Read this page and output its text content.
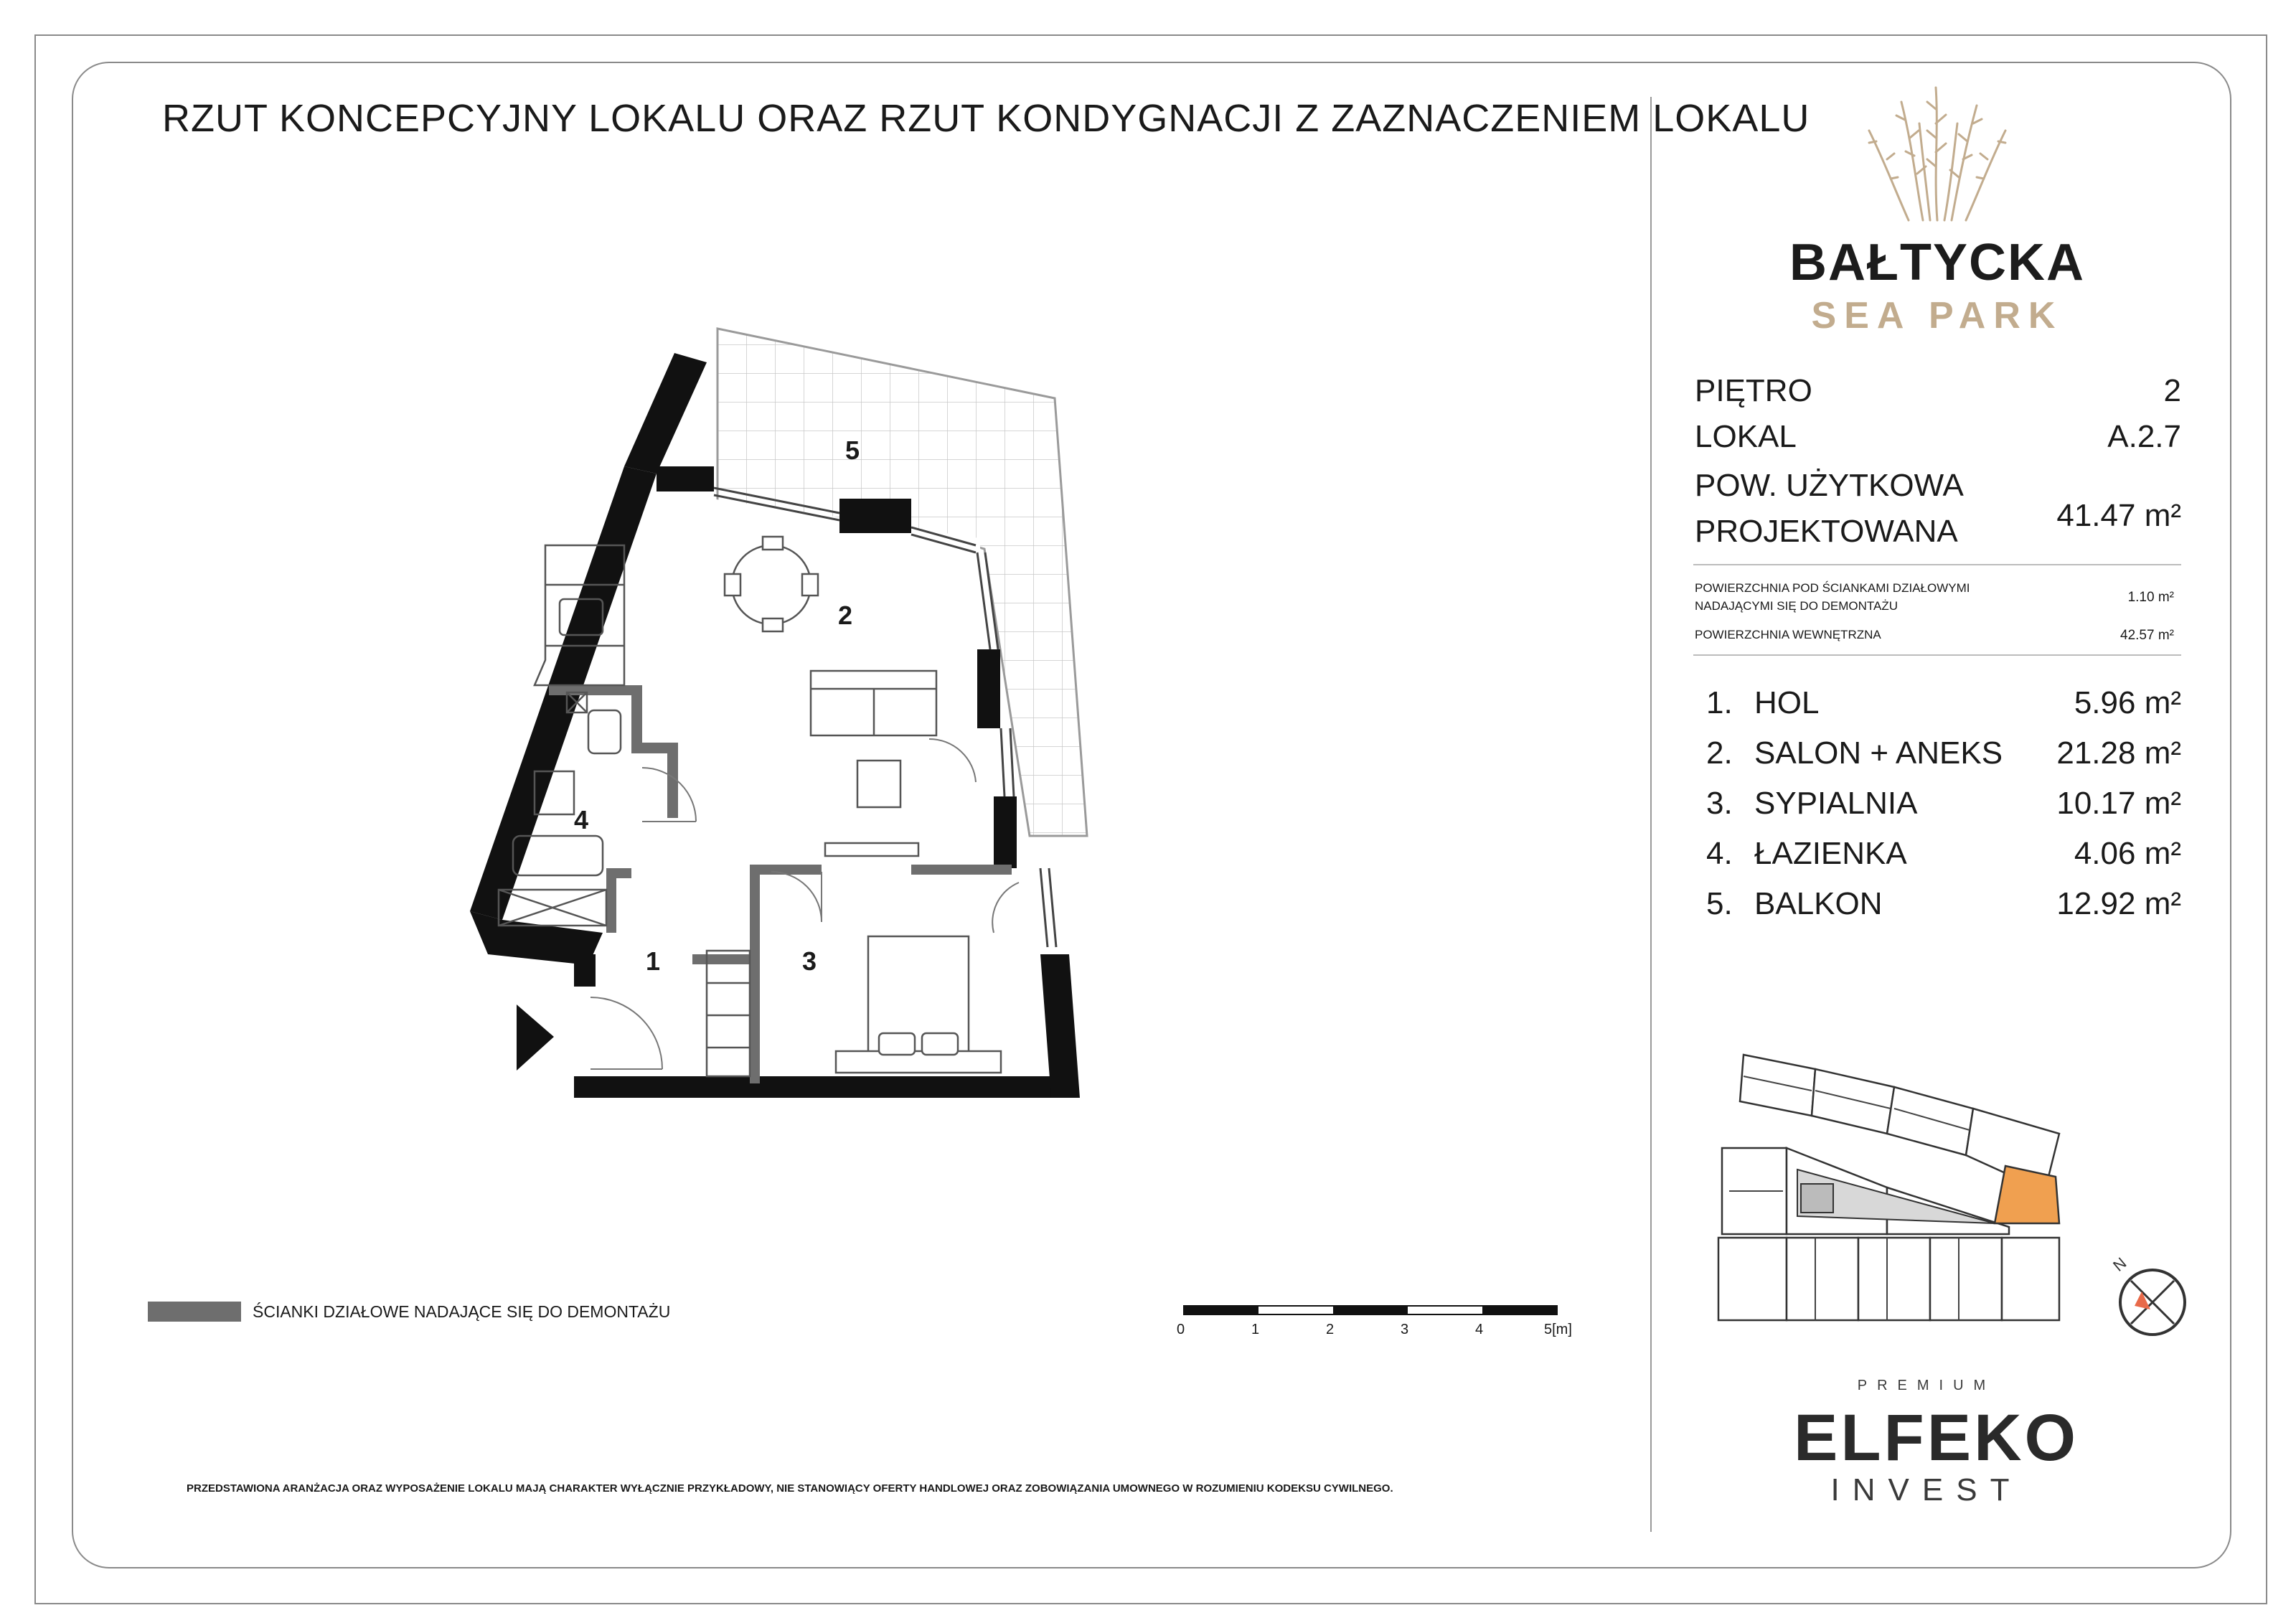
RZUT KONCEPCYJNY LOKALU ORAZ RZUT KONDYGNACJI Z ZAZNACZENIEM LOKALU
1
2
3
4
5
ŚCIANKI DZIAŁOWE NADAJĄCE SIĘ DO DEMONTAŻU
0	1	2	3	4	5[m]
PRZEDSTAWIONA ARANŻACJA ORAZ WYPOSAŻENIE LOKALU MAJĄ CHARAKTER WYŁĄCZNIE PRZYKŁADOWY, NIE STANOWIĄCY OFERTY HANDLOWEJ ORAZ ZOBOWIĄZANIA UMOWNEGO W ROZUMIENIU KODEKSU CYWILNEGO.
BAŁTYCKA
SEA PARK
PIĘTRO	2
LOKAL	A.2.7
POW. UŻYTKOWA
PROJEKTOWANA	41.47 m²
POWIERZCHNIA POD ŚCIANKAMI DZIAŁOWYMI
NADAJĄCYMI SIĘ DO DEMONTAŻU
1.10 m²
POWIERZCHNIA WEWNĘTRZNA	42.57 m²
1. HOL	5.96 m²
2. SALON + ANEKS 21.28 m²
3. SYPIALNIA	10.17 m²
4. ŁAZIENKA	4.06 m²
5. BALKON	12.92 m²
N
PREMIUM
ELFEKO
INVEST
